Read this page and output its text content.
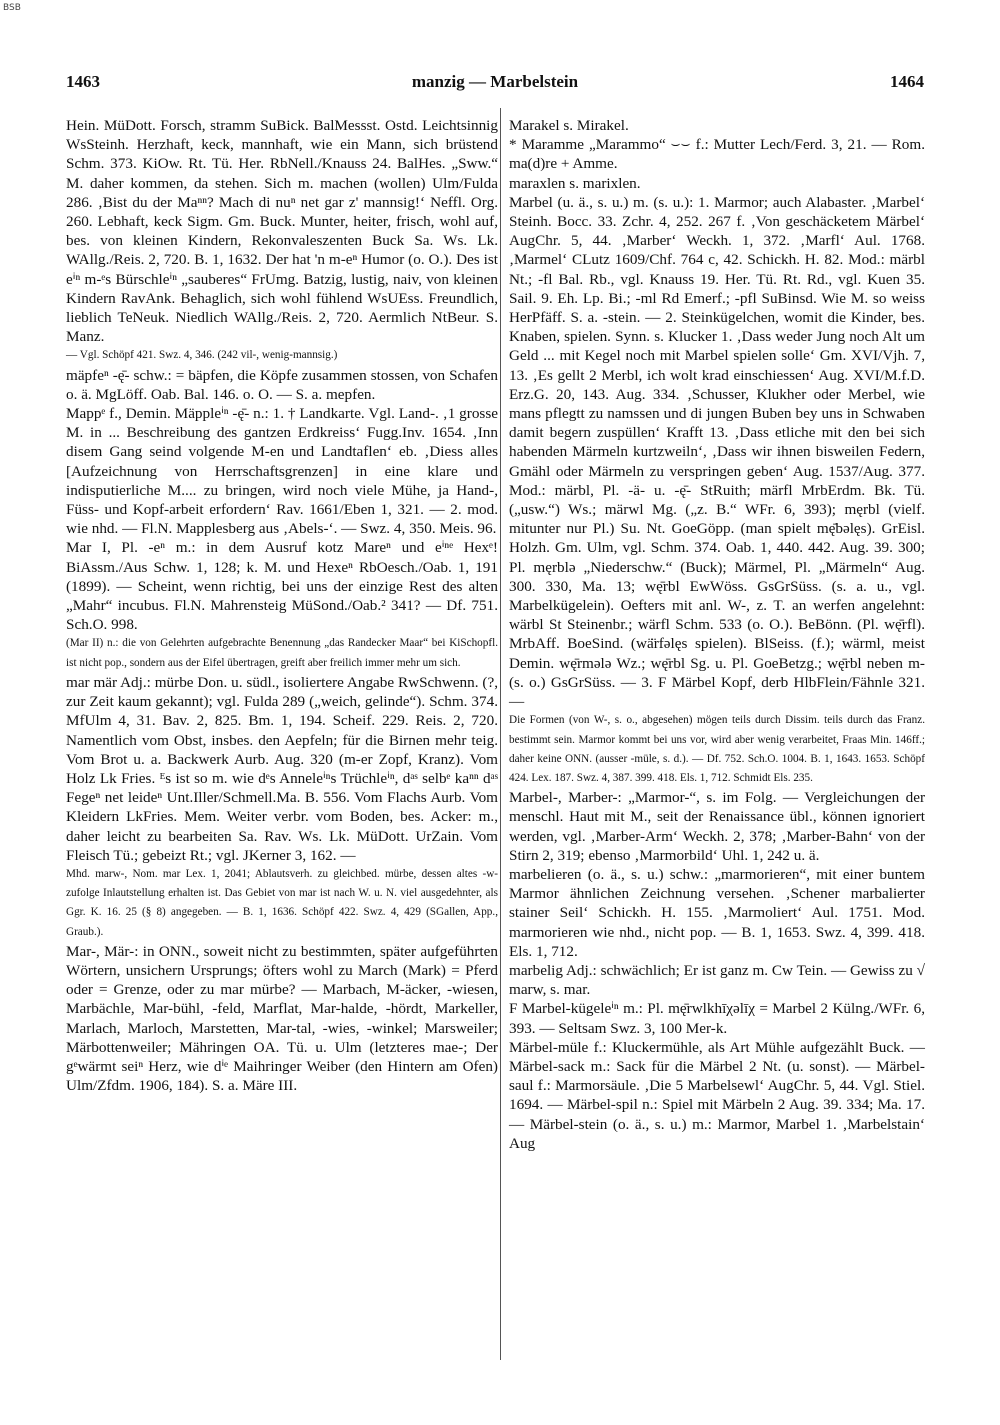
BSB
1463	manzig — Marbelstein	1464

Hein. MüDott. Forsch, stramm SuBick. BalMessst. Ostd. Leichtsinnig WsSteinh. Herzhaft, keck, mannhaft, wie ein Mann, sich brüstend Schm. 373. KiOw. Rt. Tü. Her. RbNell./Knauss 24. BalHes. „Sww.“ M. daher kommen, da stehen. Sich m. machen (wollen) Ulm/Fulda 286. ‚Bist du der Maⁿⁿ? Mach di nuⁿ net gar z' mannsig!‘ Neffl. Org. 260. Lebhaft, keck Sigm. Gm. Buck. Munter, heiter, frisch, wohl auf, bes. von kleinen Kindern, Rekonvaleszenten Buck Sa. Ws. Lk. WAllg./Reis. 2, 720. B. 1, 1632. Der hat 'n m-eⁿ Humor (o. O.). Des ist eⁱⁿ m-ᵉs Bürschleⁱⁿ „sauberes“ FrUmg. Batzig, lustig, naiv, von kleinen Kindern RavAnk. Behaglich, sich wohl fühlend WsUEss. Freundlich, lieblich TeNeuk. Niedlich WAllg./Reis. 2, 720. Aermlich NtBeur. S. Manz.

— Vgl. Schöpf 421. Swz. 4, 346. (242 vil-, wenig-mannsig.)

mäpfeⁿ -ę̄- schw.: = bäpfen, die Köpfe zusammen stossen, von Schafen o. ä. MgLöff. Oab. Bal. 146. o. O. — S. a. mepfen.

Mappᵉ f., Demin. Mäppleⁱⁿ -ę̄- n.: 1. † Landkarte. Vgl. Land-. ‚1 grosse M. in ... Beschreibung des gantzen Erdkreiss‘ Fugg.Inv. 1654. ‚Inn disem Gang seind volgende M-en und Landtaflen‘ eb. ‚Diess alles [Aufzeichnung von Herrschaftsgrenzen] in eine klare und indisputierliche M.... zu bringen, wird noch viele Mühe, ja Hand-, Füss- und Kopf-arbeit erfordern‘ Rav. 1661/Eben 1, 321. — 2. mod. wie nhd. — Fl.N. Mapplesberg aus ‚Abels-‘. — Swz. 4, 350. Meis. 96.

Mar I, Pl. -eⁿ m.: in dem Ausruf kotz Mareⁿ und eⁱⁿᵉ Hexᵉ! BiAssm./Aus Schw. 1, 128; k. M. und Hexeⁿ RbOesch./Oab. 1, 191 (1899). — Scheint, wenn richtig, bei uns der einzige Rest des alten „Mahr“ incubus. Fl.N. Mahrensteig MüSond./Oab.² 341? — Df. 751. Sch.O. 998.

(Mar II) n.: die von Gelehrten aufgebrachte Benennung „das Randecker Maar“ bei KiSchopfl. ist nicht pop., sondern aus der Eifel übertragen, greift aber freilich immer mehr um sich.

mar mär Adj.: mürbe Don. u. südl., isoliertere Angabe RwSchwenn. (?, zur Zeit kaum gekannt); vgl. Fulda 289 („weich, gelinde“). Schm. 374. MfUlm 4, 31. Bav. 2, 825. Bm. 1, 194. Scheif. 229. Reis. 2, 720. Namentlich vom Obst, insbes. den Aepfeln; für die Birnen mehr teig. Vom Brot u. a. Backwerk Aurb. Aug. 320 (m-er Zopf, Kranz). Vom Holz Lk Fries. ᴱs ist so m. wie dᵉs Anneleⁱⁿs Trüchleⁱⁿ, dᵃˢ selbᵉ kaⁿⁿ dᵃˢ Fegeⁿ net leideⁿ Unt.Iller/Schmell.Ma. B. 556. Vom Flachs Aurb. Vom Kleidern LkFries. Mem. Weiter verbr. vom Boden, bes. Acker: m., daher leicht zu bearbeiten Sa. Rav. Ws. Lk. MüDott. UrZain. Vom Fleisch Tü.; gebeizt Rt.; vgl. JKerner 3, 162. —

Mhd. marw-, Nom. mar Lex. 1, 2041; Ablautsverh. zu gleichbed. mürbe, dessen altes -w- zufolge Inlautstellung erhalten ist. Das Gebiet von mar ist nach W. u. N. viel ausgedehnter, als Ggr. K. 16. 25 (§ 8) angegeben. — B. 1, 1636. Schöpf 422. Swz. 4, 429 (SGallen, App., Graub.).

Mar-, Mär-: in ONN., soweit nicht zu bestimmten, später aufgeführten Wörtern, unsichern Ursprungs; öfters wohl zu March (Mark) = Pferd oder = Grenze, oder zu mar mürbe? — Marbach, M-äcker, -wiesen, Marbächle, Mar-bühl, -feld, Marflat, Mar-halde, -hördt, Markeller, Marlach, Marloch, Marstetten, Mar-tal, -wies, -winkel; Marsweiler; Märbottenweiler; Mähringen OA. Tü. u. Ulm (letzteres mae-; Der gᵉwärmt seiⁿ Herz, wie dⁱᵉ Maihringer Weiber (den Hintern am Ofen) Ulm/Zfdm. 1906, 184). S. a. Märe III.

Marakel s. Mirakel.

* Maramme „Marammo“ ⌣⌣ f.: Mutter Lech/Ferd. 3, 21. — Rom. ma(d)re + Amme.

maraxlen s. marixlen.

Marbel (u. ä., s. u.) m. (s. u.): 1. Marmor; auch Alabaster. ‚Marbel‘ Steinh. Bocc. 33. Zchr. 4, 252. 267 f. ‚Von geschäcketem Märbel‘ AugChr. 5, 44. ‚Marber‘ Weckh. 1, 372. ‚Marfl‘ Aul. 1768. ‚Marmel‘ CLutz 1609/Chf. 764 c, 42. Schickh. H. 82. Mod.: märbl Nt.; -fl Bal. Rb., vgl. Knauss 19. Her. Tü. Rt. Rd., vgl. Kuen 35. Sail. 9. Eh. Lp. Bi.; -ml Rd Emerf.; -pfl SuBinsd. Wie M. so weiss HerPfäff. S. a. -stein. — 2. Steinkügelchen, womit die Kinder, bes. Knaben, spielen. Synn. s. Klucker 1. ‚Dass weder Jung noch Alt um Geld ... mit Kegel noch mit Marbel spielen solle‘ Gm. XVI/Vjh. 7, 13. ‚Es gellt 2 Merbl, ich wolt krad einschiessen‘ Aug. XVI/M.f.D. Erz.G. 20, 143. Aug. 334. ‚Schusser, Klukher oder Merbel, wie mans pflegtt zu namssen und di jungen Buben bey uns in Schwaben damit begern zuspüllen‘ Krafft 13. ‚Dass etliche mit den bei sich habenden Märmeln kurtzweiln‘, ‚Dass wir ihnen bisweilen Federn, Gmähl oder Märmeln zu verspringen geben‘ Aug. 1537/Aug. 377. Mod.: märbl, Pl. -ä- u. -ę̄- StRuith; märfl MrbErdm. Bk. Tü. („usw.“) Ws.; märwl Mg. („z. B.“ WFr. 6, 393); męrbl (vielf. mitunter nur Pl.) Su. Nt. GoeGöpp. (man spielt mę̄bəlęs). GrEisl. Holzh. Gm. Ulm, vgl. Schm. 374. Oab. 1, 440. 442. Aug. 39. 300; Pl. męrblə „Niederschw.“ (Buck); Märmel, Pl. „Märmeln“ Aug. 300. 330, Ma. 13; wę̄rbl EwWöss. GsGrSüss. (s. a. u., vgl. Marbelkügelein). Oefters mit anl. W-, z. T. an werfen angelehnt: wärbl St Steinenbr.; wärfl Schm. 533 (o. O.). BeBönn. (Pl. wę̄rfl). MrbAff. BoeSind. (wä̈rfəlęs spielen). BlSeiss. (f.); wärml, meist Demin. wę̄rmələ Wz.; wę̄rbl Sg. u. Pl. GoeBetzg.; wę̄rbl neben m- (s. o.) GsGrSüss. — 3. F Märbel Kopf, derb HlbFlein/Fähnle 321. —

Die Formen (von W-, s. o., abgesehen) mögen teils durch Dissim. teils durch das Franz. bestimmt sein. Marmor kommt bei uns vor, wird aber wenig verarbeitet, Fraas Min. 146ff.; daher keine ONN. (ausser -müle, s. d.). — Df. 752. Sch.O. 1004. B. 1, 1643. 1653. Schöpf 424. Lex. 187. Swz. 4, 387. 399. 418. Els. 1, 712. Schmidt Els. 235.

Marbel-, Marber-: „Marmor-“, s. im Folg. — Vergleichungen der menschl. Haut mit M., seit der Renaissance übl., können ignoriert werden, vgl. ‚Marber-Arm‘ Weckh. 2, 378; ‚Marber-Bahn‘ von der Stirn 2, 319; ebenso ‚Marmorbild‘ Uhl. 1, 242 u. ä.

marbelieren (o. ä., s. u.) schw.: „marmorieren“, mit einer buntem Marmor ähnlichen Zeichnung versehen. ‚Schener marbalierter stainer Seil‘ Schickh. H. 155. ‚Marmoliert‘ Aul. 1751. Mod. marmorieren wie nhd., nicht pop. — B. 1, 1653. Swz. 4, 399. 418. Els. 1, 712.

marbelig Adj.: schwächlich; Er ist ganz m. Cw Tein. — Gewiss zu √ marw, s. mar.

F Marbel-kügeleⁱⁿ m.: Pl. mę̄rwlkhīχəlīχ = Marbel 2 Külng./WFr. 6, 393. — Seltsam Swz. 3, 100 Mer-k.

Märbel-müle f.: Kluckermühle, als Art Mühle aufgezählt Buck. — Märbel-sack m.: Sack für die Märbel 2 Nt. (u. sonst). — Märbel-saul f.: Marmorsäule. ‚Die 5 Marbelsewl‘ AugChr. 5, 44. Vgl. Stiel. 1694. — Märbel-spil n.: Spiel mit Märbeln 2 Aug. 39. 334; Ma. 17. — Märbel-stein (o. ä., s. u.) m.: Marmor, Marbel 1. ‚Marbelstain‘ Aug
